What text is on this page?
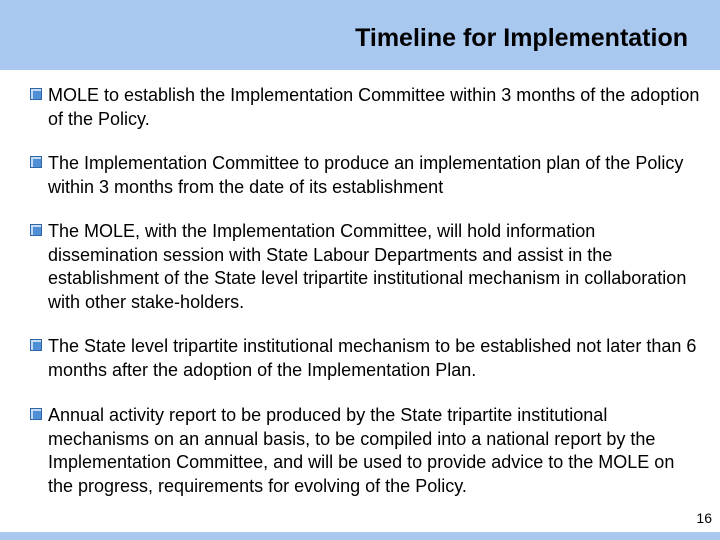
Timeline for Implementation
MOLE to establish the Implementation Committee within 3 months of the adoption of the Policy.
The Implementation Committee to produce an implementation plan of the Policy within 3 months from the date of its establishment
The MOLE, with the Implementation Committee, will hold information dissemination session with State Labour Departments and assist in the establishment of the State level tripartite institutional mechanism in collaboration with other stake-holders.
The State level tripartite institutional mechanism to be established not later than 6 months after the adoption of the Implementation Plan.
Annual activity report to be produced by the State tripartite institutional mechanisms on an annual basis, to be compiled into a national report by the Implementation Committee, and will be used to provide advice to the MOLE on the progress, requirements for evolving of the Policy.
16
